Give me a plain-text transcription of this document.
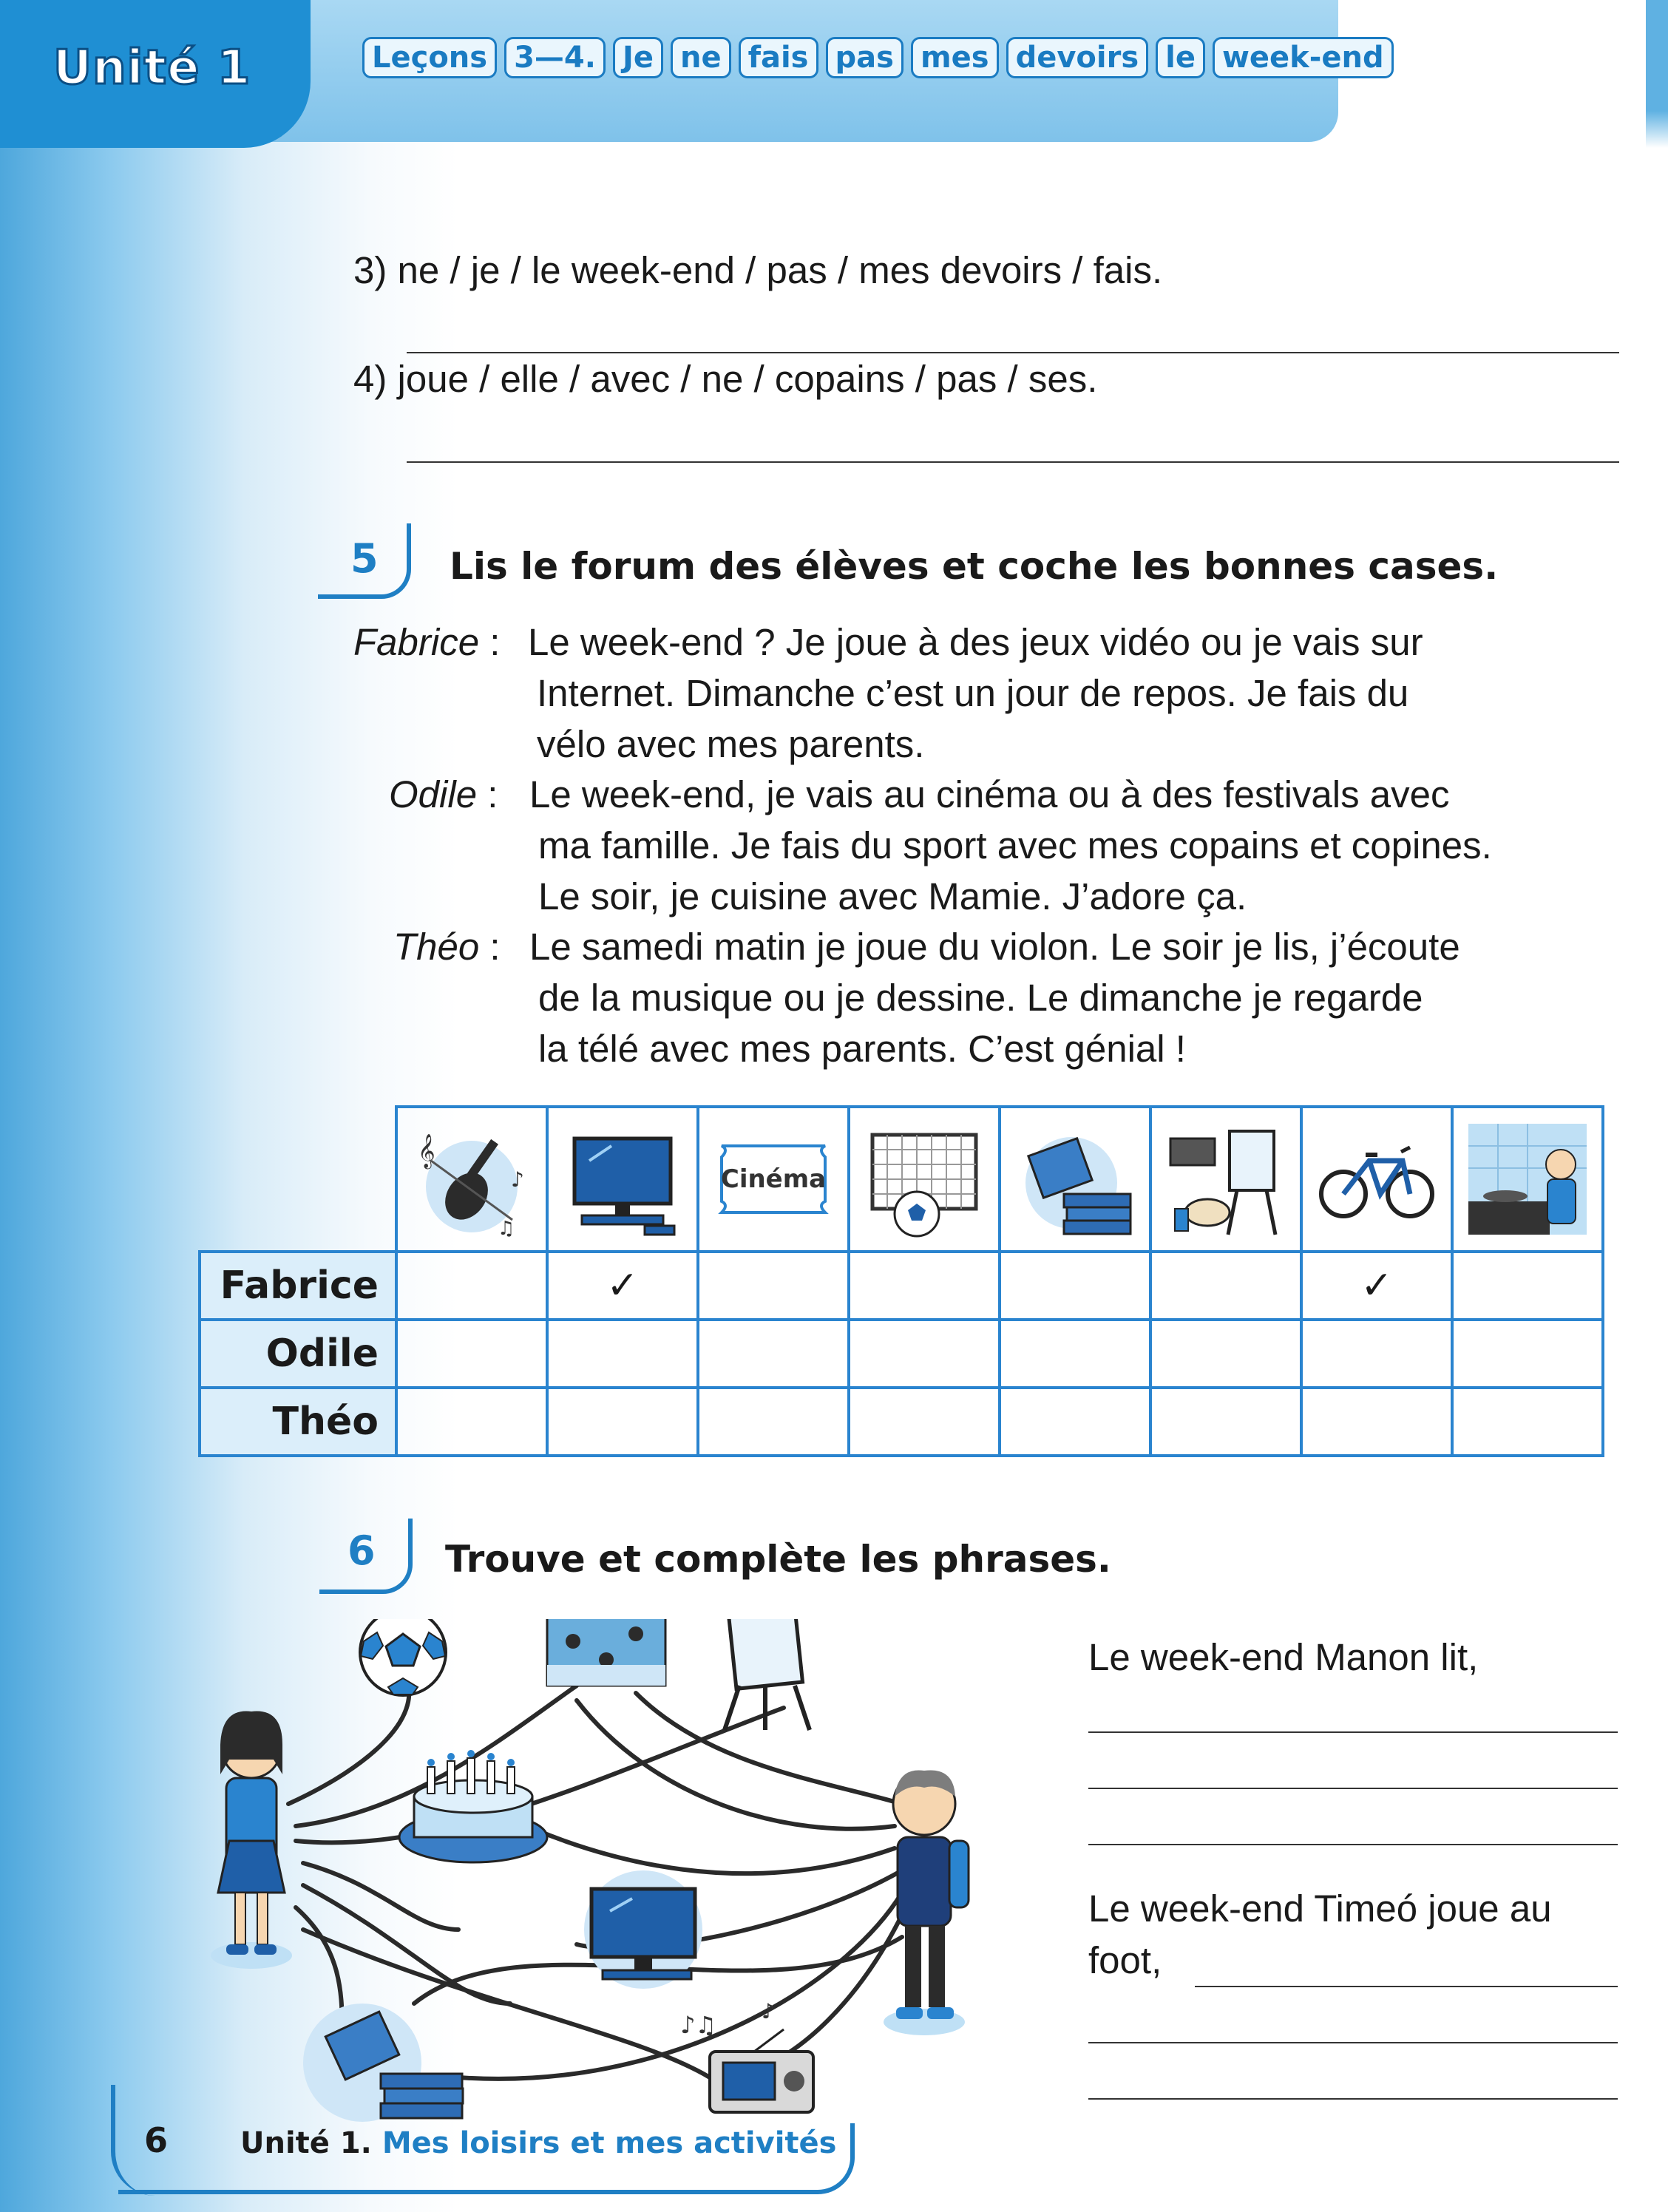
Unité 1	Leçons 3—4. Je ne fais pas mes devoirs le week-end
3) ne / je / le week-end / pas / mes devoirs / fais.
4) joue / elle / avec / ne / copains / pas / ses.
5 Lis le forum des élèves et coche les bonnes cases.
Fabrice : Le week-end ? Je joue à des jeux vidéo ou je vais sur
Internet. Dimanche c’est un jour de repos. Je fais du
vélo avec mes parents.
Odile : Le week-end, je vais au cinéma ou à des festivals avec
ma famille. Je fais du sport avec mes copains et copines.
Le soir, je cuisine avec Mamie. J’adore ça.
Théo : Le samedi matin je joue du violon. Le soir je lis, j’écoute
de la musique ou je dessine. Le dimanche je regarde
la télé avec mes parents. C’est génial !

𝄞
♪
♫		Cinéma

Fabrice		✓					✓	
Odile								
Théo								
6 Trouve et complète les phrases.
♪♫ ♪
Le week-end Manon lit,
Le week-end Timeó joue au
foot,
6 Unité 1. Mes loisirs et mes activités
